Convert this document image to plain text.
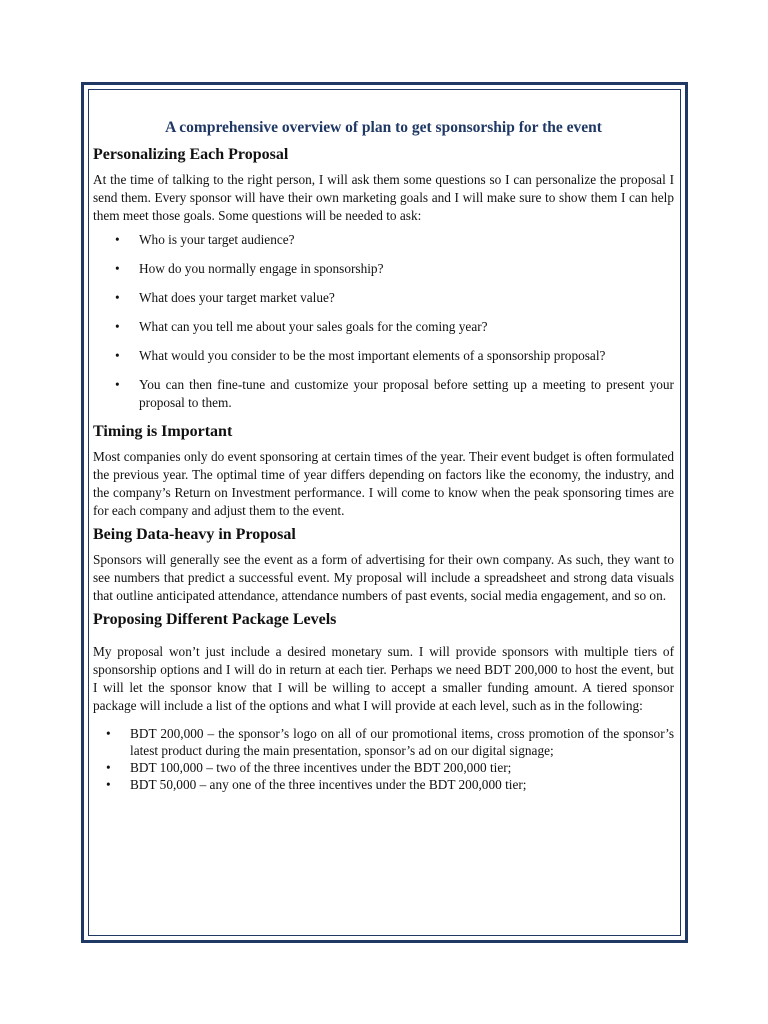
A comprehensive overview of plan to get sponsorship for the event
Personalizing Each Proposal

At the time of talking to the right person, I will ask them some questions so I can personalize the proposal I send them. Every sponsor will have their own marketing goals and I will make sure to show them I can help them meet those goals. Some questions will be needed to ask:

• Who is your target audience?
• How do you normally engage in sponsorship?
• What does your target market value?
• What can you tell me about your sales goals for the coming year?
• What would you consider to be the most important elements of a sponsorship proposal?
• You can then fine-tune and customize your proposal before setting up a meeting to present your proposal to them.
Timing is Important

Most companies only do event sponsoring at certain times of the year. Their event budget is often formulated the previous year. The optimal time of year differs depending on factors like the economy, the industry, and the company’s Return on Investment performance. I will come to know when the peak sponsoring times are for each company and adjust them to the event.

Being Data-heavy in Proposal

Sponsors will generally see the event as a form of advertising for their own company. As such, they want to see numbers that predict a successful event. My proposal will include a spreadsheet and strong data visuals that outline anticipated attendance, attendance numbers of past events, social media engagement, and so on.

Proposing Different Package Levels

My proposal won’t just include a desired monetary sum. I will provide sponsors with multiple tiers of sponsorship options and I will do in return at each tier. Perhaps we need BDT 200,000 to host the event, but I will let the sponsor know that I will be willing to accept a smaller funding amount. A tiered sponsor package will include a list of the options and what I will provide at each level, such as in the following:

• BDT 200,000 – the sponsor’s logo on all of our promotional items, cross promotion of the sponsor’s latest product during the main presentation, sponsor’s ad on our digital signage;
• BDT 100,000 – two of the three incentives under the BDT 200,000 tier;
• BDT 50,000 – any one of the three incentives under the BDT 200,000 tier;
